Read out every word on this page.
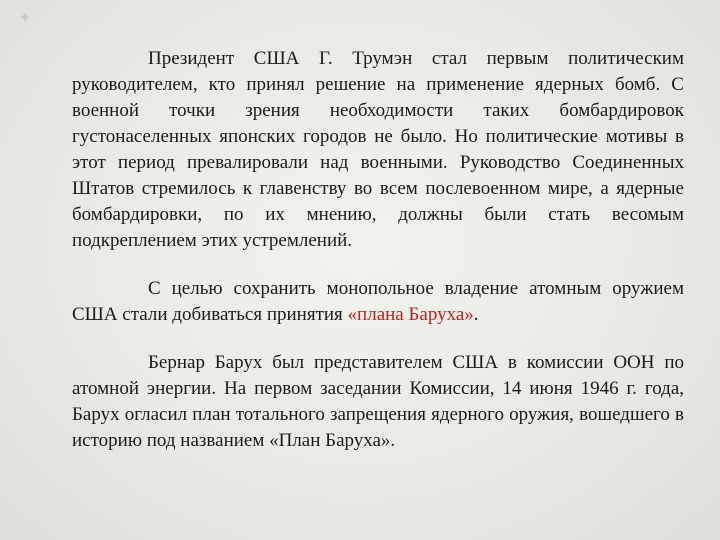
✦

Президент США Г. Трумэн стал первым политическим руководителем, кто принял решение на применение ядерных бомб. С военной точки зрения необходимости таких бомбардировок густонаселенных японских городов не было. Но политические мотивы в этот период превалировали над военными. Руководство Соединенных Штатов стремилось к главенству во всем послевоенном мире, а ядерные бомбардировки, по их мнению, должны были стать весомым подкреплением этих устремлений.

С целью сохранить монопольное владение атомным оружием США стали добиваться принятия «плана Баруха».

Бернар Барух был представителем США в комиссии ООН по атомной энергии. На первом заседании Комиссии, 14 июня 1946 г. года, Барух огласил план тотального запрещения ядерного оружия, вошедшего в историю под названием «План Баруха».
